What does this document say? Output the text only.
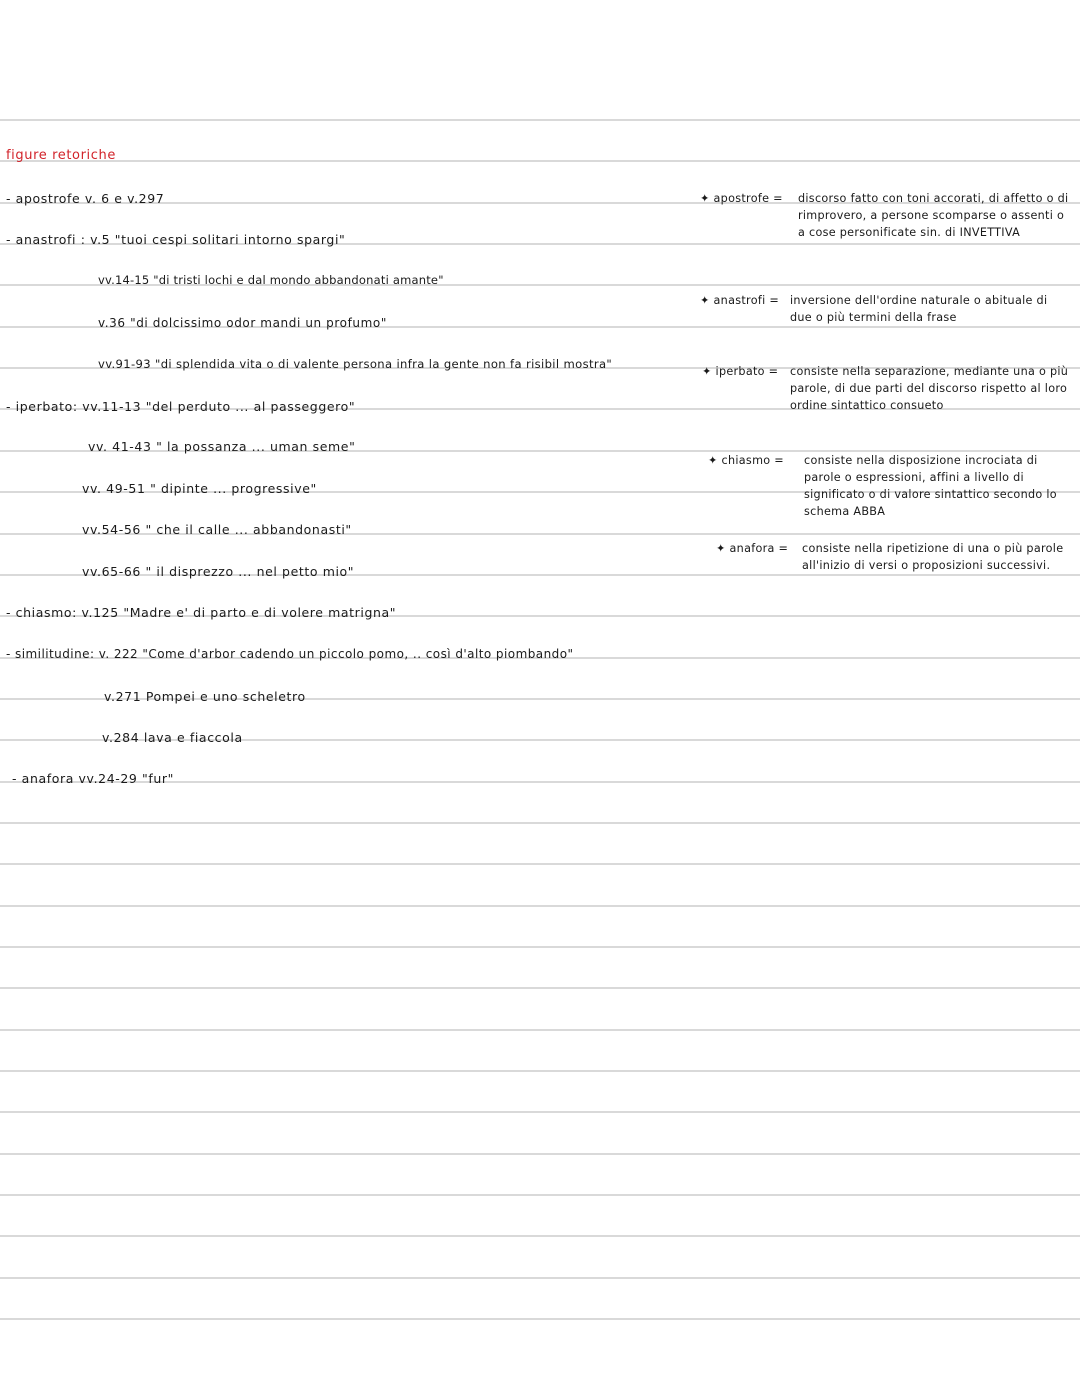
figure retoriche
- apostrofe v. 6 e v.297
- anastrofi : v.5 "tuoi cespi solitari intorno spargi"
vv.14-15 "di tristi lochi e dal mondo abbandonati amante"
v.36 "di dolcissimo odor mandi un profumo"
vv.91-93 "di splendida vita o di valente persona infra la gente non fa risibil mostra"
- iperbato: vv.11-13 "del perduto ... al passeggero"
vv. 41-43 " la possanza ... uman seme"
vv. 49-51 " dipinte ... progressive"
vv.54-56 " che il calle ... abbandonasti"
vv.65-66 " il disprezzo ... nel petto mio"
- chiasmo: v.125 "Madre e' di parto e di volere matrigna"
- similitudine: v. 222 "Come d'arbor cadendo un piccolo pomo, .. così d'alto piombando"
v.271 Pompei e uno scheletro
v.284 lava e fiaccola
- anafora vv.24-29 "fur"
✦ apostrofe = discorso fatto con toni accorati, di affetto o di rimprovero, a persone scomparse o assenti o a cose personificate sin. di INVETTIVA
✦ anastrofi = inversione dell'ordine naturale o abituale di due o più termini della frase
✦ iperbato = consiste nella separazione, mediante una o più parole, di due parti del discorso rispetto al loro ordine sintattico consueto
✦ chiasmo = consiste nella disposizione incrociata di parole o espressioni, affini a livello di significato o di valore sintattico secondo lo schema ABBA
✦ anafora = consiste nella ripetizione di una o più parole all'inizio di versi o proposizioni successivi.
